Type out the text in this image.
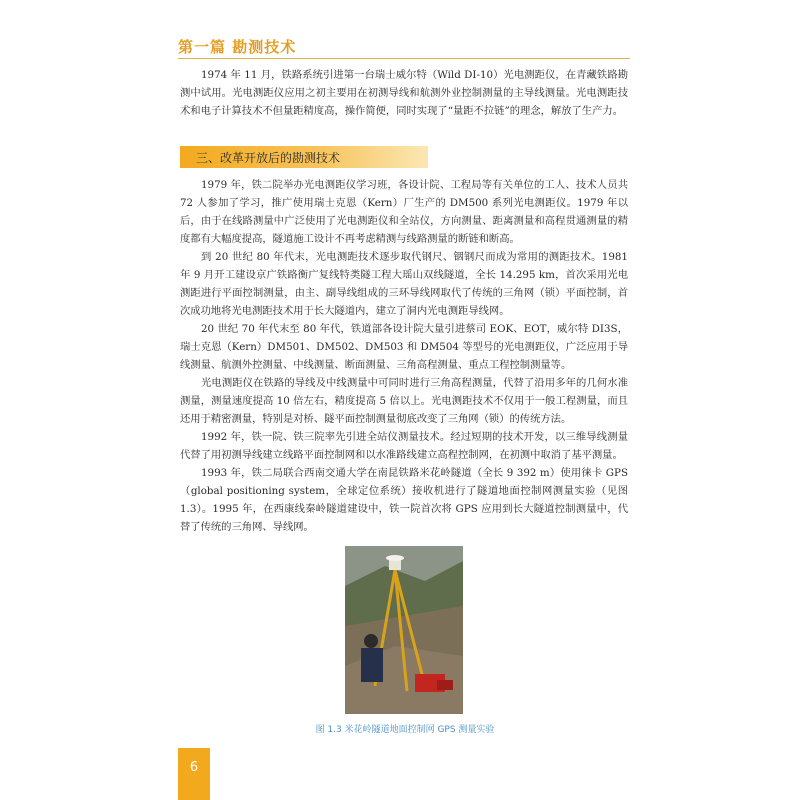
第一篇 勘测技术

1974 年 11 月，铁路系统引进第一台瑞士威尔特（Wild DI-10）光电测距仪，在青藏铁路勘测中试用。光电测距仪应用之初主要用在初测导线和航测外业控制测量的主导线测量。光电测距技术和电子计算技术不但量距精度高，操作简便，同时实现了“量距不拉链”的理念，解放了生产力。

三、改革开放后的勘测技术

1979 年，铁二院举办光电测距仪学习班，各设计院、工程局等有关单位的工人、技术人员共 72 人参加了学习，推广使用瑞士克恩（Kern）厂生产的 DM500 系列光电测距仪。1979 年以后，由于在线路测量中广泛使用了光电测距仪和全站仪，方向测量、距离测量和高程贯通测量的精度都有大幅度提高，隧道施工设计不再考虑精测与线路测量的断链和断高。

到 20 世纪 80 年代末，光电测距技术逐步取代钢尺、铟钢尺而成为常用的测距技术。1981 年 9 月开工建设京广铁路衡广复线特类隧工程大瑶山双线隧道，全长 14.295 km，首次采用光电测距进行平面控制测量，由主、副导线组成的三环导线网取代了传统的三角网（锁）平面控制，首次成功地将光电测距技术用于长大隧道内，建立了洞内光电测距导线网。

20 世纪 70 年代末至 80 年代，铁道部各设计院大量引进蔡司 EOK、EOT，威尔特 DI3S，瑞士克恩（Kern）DM501、DM502、DM503 和 DM504 等型号的光电测距仪，广泛应用于导线测量、航测外控测量、中线测量、断面测量、三角高程测量、重点工程控制测量等。

光电测距仪在铁路的导线及中线测量中可同时进行三角高程测量，代替了沿用多年的几何水准测量，测量速度提高 10 倍左右，精度提高 5 倍以上。光电测距技术不仅用于一般工程测量，而且还用于精密测量，特别是对桥、隧平面控制测量彻底改变了三角网（锁）的传统方法。

1992 年，铁一院、铁三院率先引进全站仪测量技术。经过短期的技术开发，以三维导线测量代替了用初测导线建立线路平面控制网和以水准路线建立高程控制网，在初测中取消了基平测量。

1993 年，铁二局联合西南交通大学在南昆铁路米花岭隧道（全长 9 392 m）使用徕卡 GPS（global positioning system，全球定位系统）接收机进行了隧道地面控制网测量实验（见图 1.3）。1995 年，在西康线秦岭隧道建设中，铁一院首次将 GPS 应用到长大隧道控制测量中，代替了传统的三角网、导线网。

图 1.3 米花岭隧道地面控制网 GPS 测量实验
6
